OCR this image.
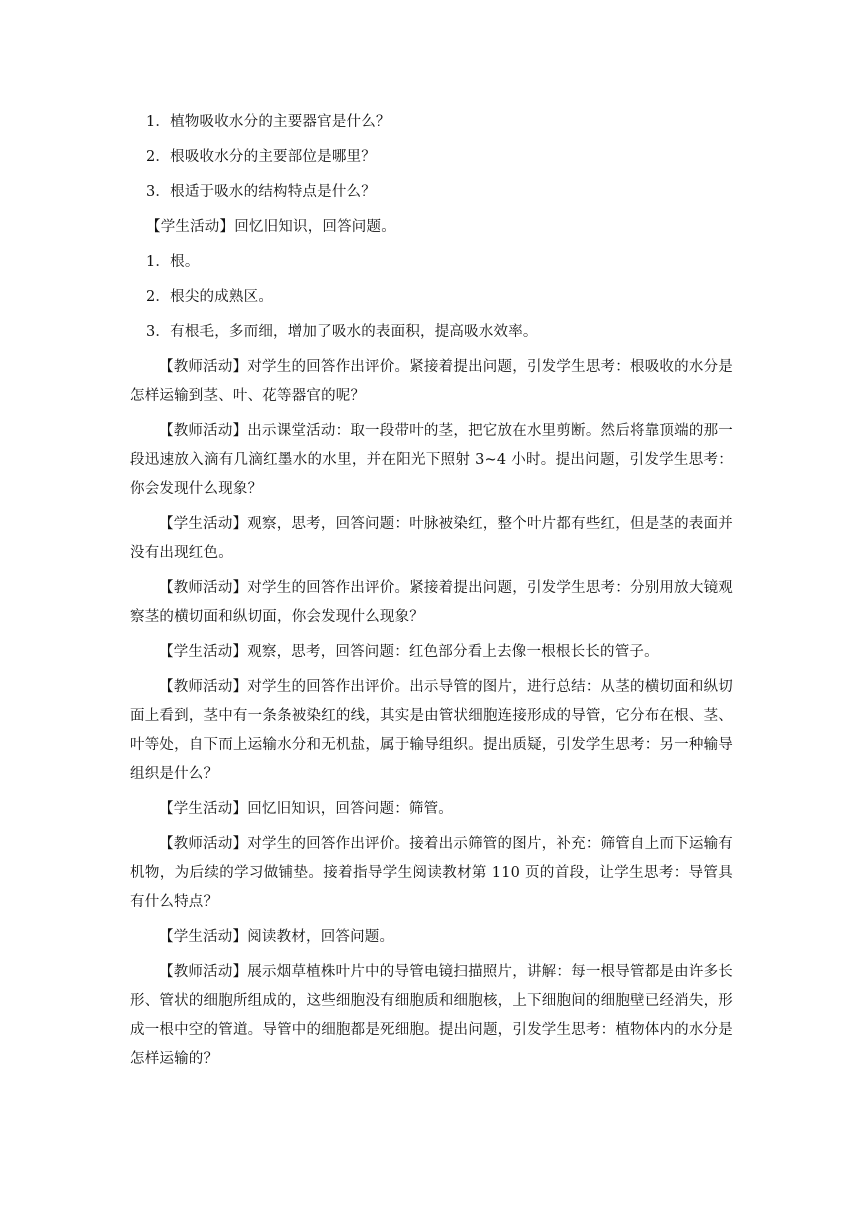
1．植物吸收水分的主要器官是什么？

2．根吸收水分的主要部位是哪里？

3．根适于吸水的结构特点是什么？

【学生活动】回忆旧知识，回答问题。

1．根。

2．根尖的成熟区。

3．有根毛，多而细，增加了吸水的表面积，提高吸水效率。

【教师活动】对学生的回答作出评价。紧接着提出问题，引发学生思考：根吸收的水分是怎样运输到茎、叶、花等器官的呢？

【教师活动】出示课堂活动：取一段带叶的茎，把它放在水里剪断。然后将靠顶端的那一段迅速放入滴有几滴红墨水的水里，并在阳光下照射 3~4 小时。提出问题，引发学生思考：你会发现什么现象？

【学生活动】观察，思考，回答问题：叶脉被染红，整个叶片都有些红，但是茎的表面并没有出现红色。

【教师活动】对学生的回答作出评价。紧接着提出问题，引发学生思考：分别用放大镜观察茎的横切面和纵切面，你会发现什么现象？

【学生活动】观察，思考，回答问题：红色部分看上去像一根根长长的管子。

【教师活动】对学生的回答作出评价。出示导管的图片，进行总结：从茎的横切面和纵切面上看到，茎中有一条条被染红的线，其实是由管状细胞连接形成的导管，它分布在根、茎、叶等处，自下而上运输水分和无机盐，属于输导组织。提出质疑，引发学生思考：另一种输导组织是什么？

【学生活动】回忆旧知识，回答问题：筛管。

【教师活动】对学生的回答作出评价。接着出示筛管的图片，补充：筛管自上而下运输有机物，为后续的学习做铺垫。接着指导学生阅读教材第 110 页的首段，让学生思考：导管具有什么特点？

【学生活动】阅读教材，回答问题。

【教师活动】展示烟草植株叶片中的导管电镜扫描照片，讲解：每一根导管都是由许多长形、管状的细胞所组成的，这些细胞没有细胞质和细胞核，上下细胞间的细胞壁已经消失，形成一根中空的管道。导管中的细胞都是死细胞。提出问题，引发学生思考：植物体内的水分是怎样运输的？
